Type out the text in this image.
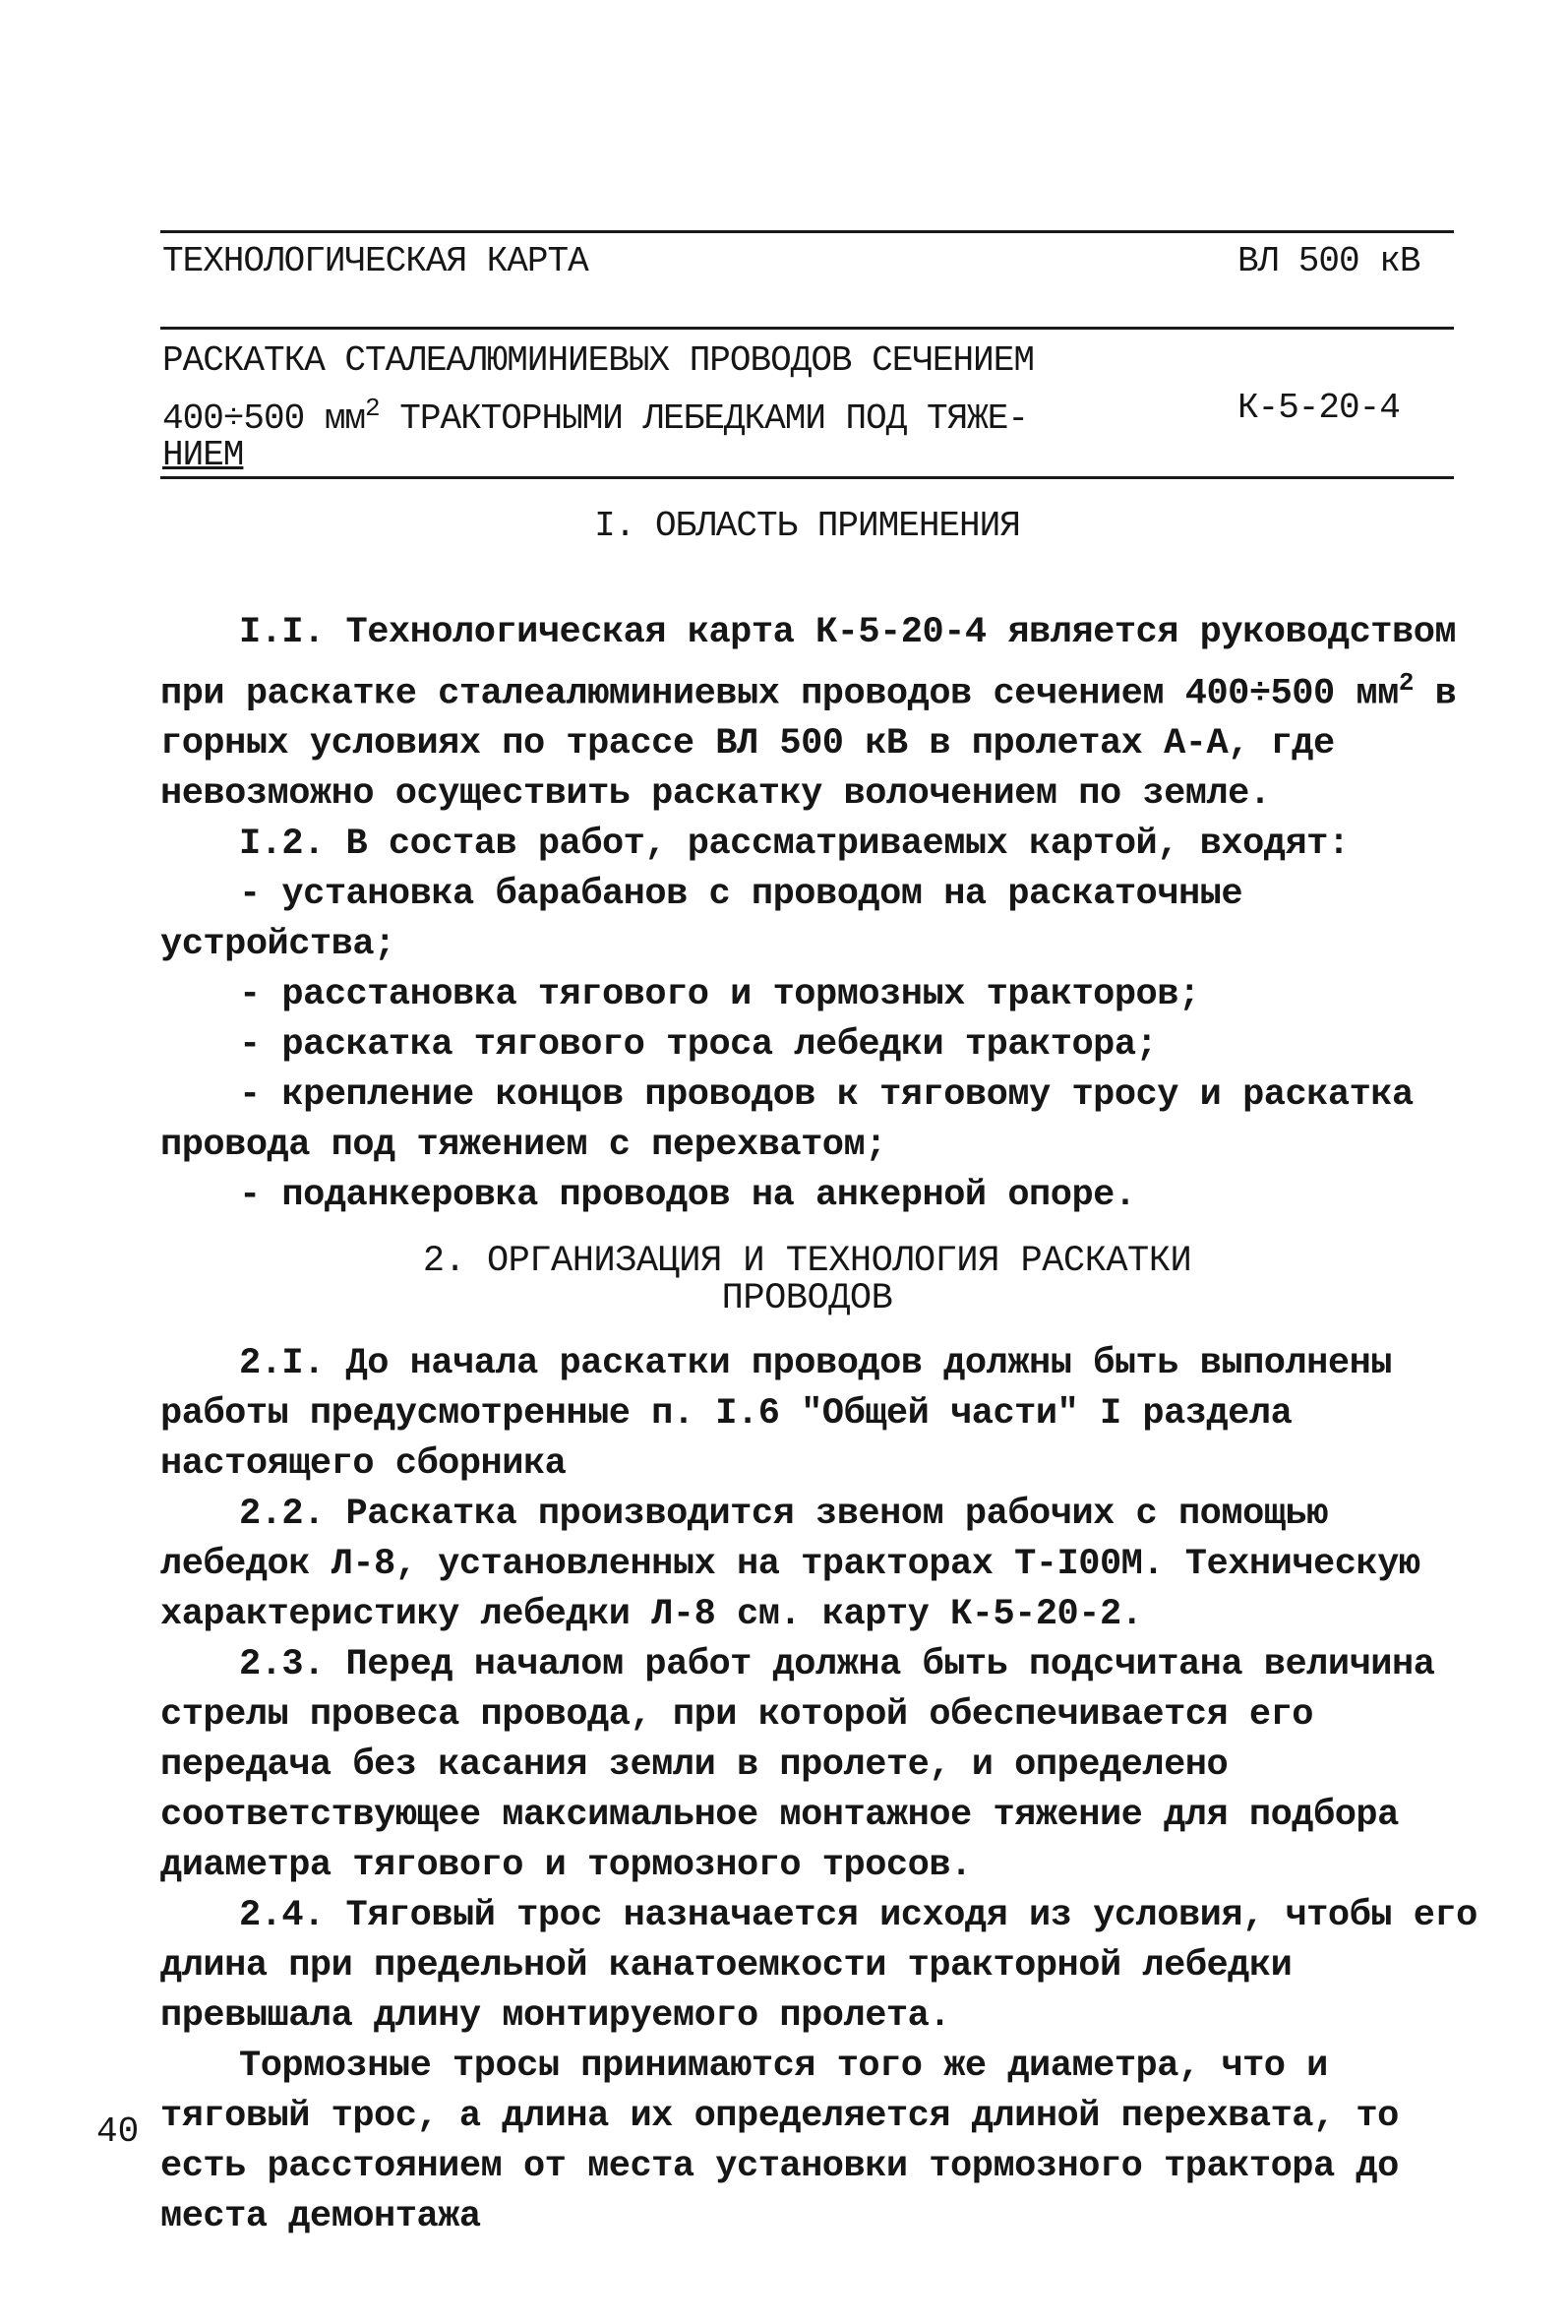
ТЕХНОЛОГИЧЕСКАЯ КАРТА	ВЛ 500 кВ
РАСКАТКА СТАЛЕАЛЮМИНИЕВЫХ ПРОВОДОВ СЕЧЕНИЕМ
400÷500 $мм^2$ ТРАКТОРНЫМИ ЛЕБЕДКАМИ ПОД ТЯЖЕ-
НИЕМ
К-5-20-4
I. ОБЛАСТЬ ПРИМЕНЕНИЯ

I.I. Технологическая карта К-5-20-4 является руководством при раскатке сталеалюминиевых проводов сечением 400÷500 $мм^2$ в горных условиях по трассе ВЛ 500 кВ в пролетах А-А, где невозможно осуществить раскатку волочением по земле.

I.2. В состав работ, рассматриваемых картой, входят:

- установка барабанов с проводом на раскаточные устройства;

- расстановка тягового и тормозных тракторов;

- раскатка тягового троса лебедки трактора;

- крепление концов проводов к тяговому тросу и раскатка провода под тяжением с перехватом;

- поданкеровка проводов на анкерной опоре.

2. ОРГАНИЗАЦИЯ И ТЕХНОЛОГИЯ РАСКАТКИ
ПРОВОДОВ

2.I. До начала раскатки проводов должны быть выполнены работы предусмотренные п. I.6 "Общей части" I раздела настоящего сборника

2.2. Раскатка производится звеном рабочих с помощью лебедок Л-8, установленных на тракторах Т-I00М. Техническую характеристику лебедки Л-8 см. карту К-5-20-2.

2.3. Перед началом работ должна быть подсчитана величина стрелы провеса провода, при которой обеспечивается его передача без касания земли в пролете, и определено соответствующее максимальное монтажное тяжение для подбора диаметра тягового и тормозного тросов.

2.4. Тяговый трос назначается исходя из условия, чтобы его длина при предельной канатоемкости тракторной лебедки превышала длину монтируемого пролета.

Тормозные тросы принимаются того же диаметра, что и тяговый трос, а длина их определяется длиной перехвата, то есть расстоянием от места установки тормозного трактора до места демонтажа

40
